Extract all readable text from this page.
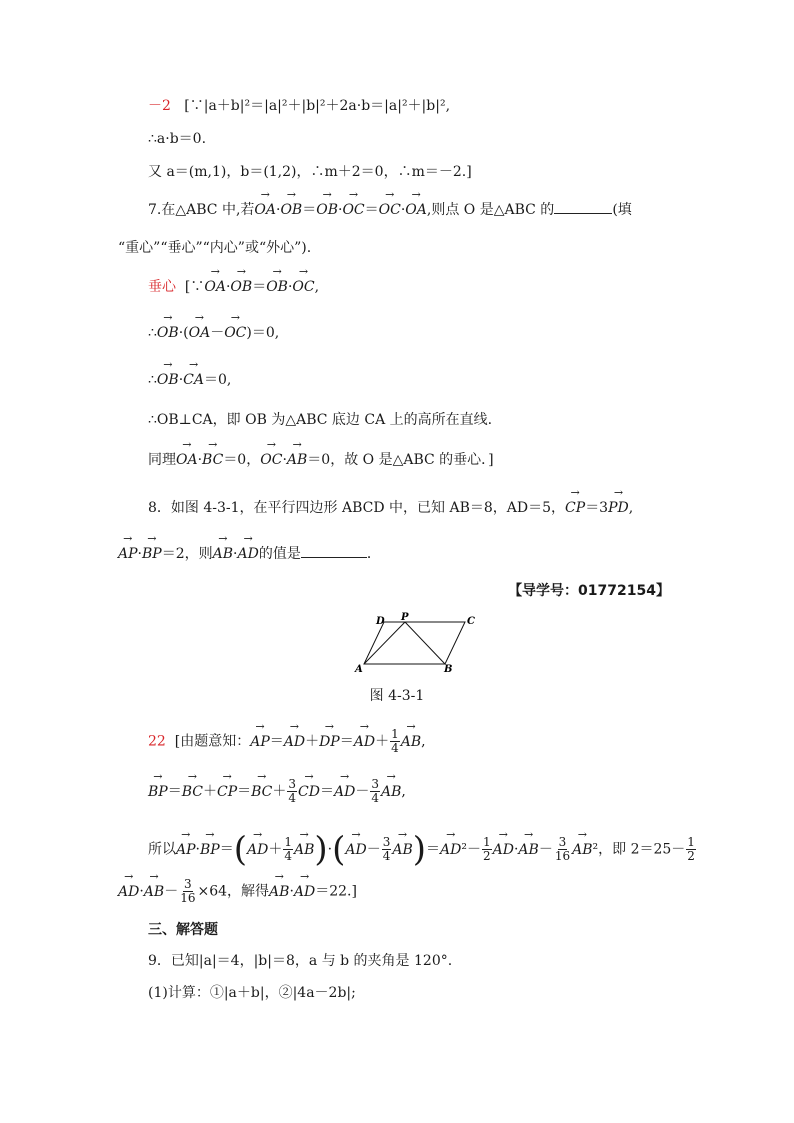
－2 [∵|a＋b|²＝|a|²＋|b|²＋2a·b＝|a|²＋|b|²,
∴a·b＝0.
又 a＝(m,1)，b＝(1,2)，∴m＋2＝0，∴m＝－2.]
7.在△ABC 中,若→ OA·→ OB＝→ OB·→ OC＝→ OC·→ OA,则点 O 是△ABC 的	(填
“重心”“垂心”“内心”或“外心”).
垂心 [∵→ OA·→ OB＝→ OB·→ OC,
∴→ OB·(→ OA－→ OC)＝0,
∴→ OB·→ CA＝0,
∴OB⊥CA，即 OB 为△ABC 底边 CA 上的高所在直线.
同理→ OA·→ BC＝0，→ OC·→ AB＝0，故 O 是△ABC 的垂心．]
8．如图 4-3-1，在平行四边形 ABCD 中，已知 AB＝8，AD＝5，→ CP＝3→ PD,
→ AP·→ BP＝2，则→ AB·→ AD的值是	．
【导学号：01772154】
D P	C
A	B
图 4-3-1
22 [由题意知：→ $AP=\to AD+\to DP=\to AD+ \frac{1}{4}$
→ AB,
→ $BP=\to BC+\to CP=\to BC+ \frac{3}{4}$
→ $CD=\to AD- \frac{3}{4}$
→ AB,
所以→ $AP\cdot\to BP=(\to AD+ \frac{1}{4}$
→ $AB)\cdot(\to AD- \frac{3}{4}$
→ $AB)=\to AD^2- \frac{1}{2}$
→ $AD\cdot\to AB- \frac{3}{16}$
→ AB²，即 $2=25- \frac{1}{2}$
→ $AD\cdot\to AB- \frac{3}{16} \times 64$，解得→ AB·→ AD＝22.]
三、解答题
9．已知|a|＝4，|b|＝8，a 与 b 的夹角是 120°.
(1)计算：①|a＋b|，②|4a－2b|;
